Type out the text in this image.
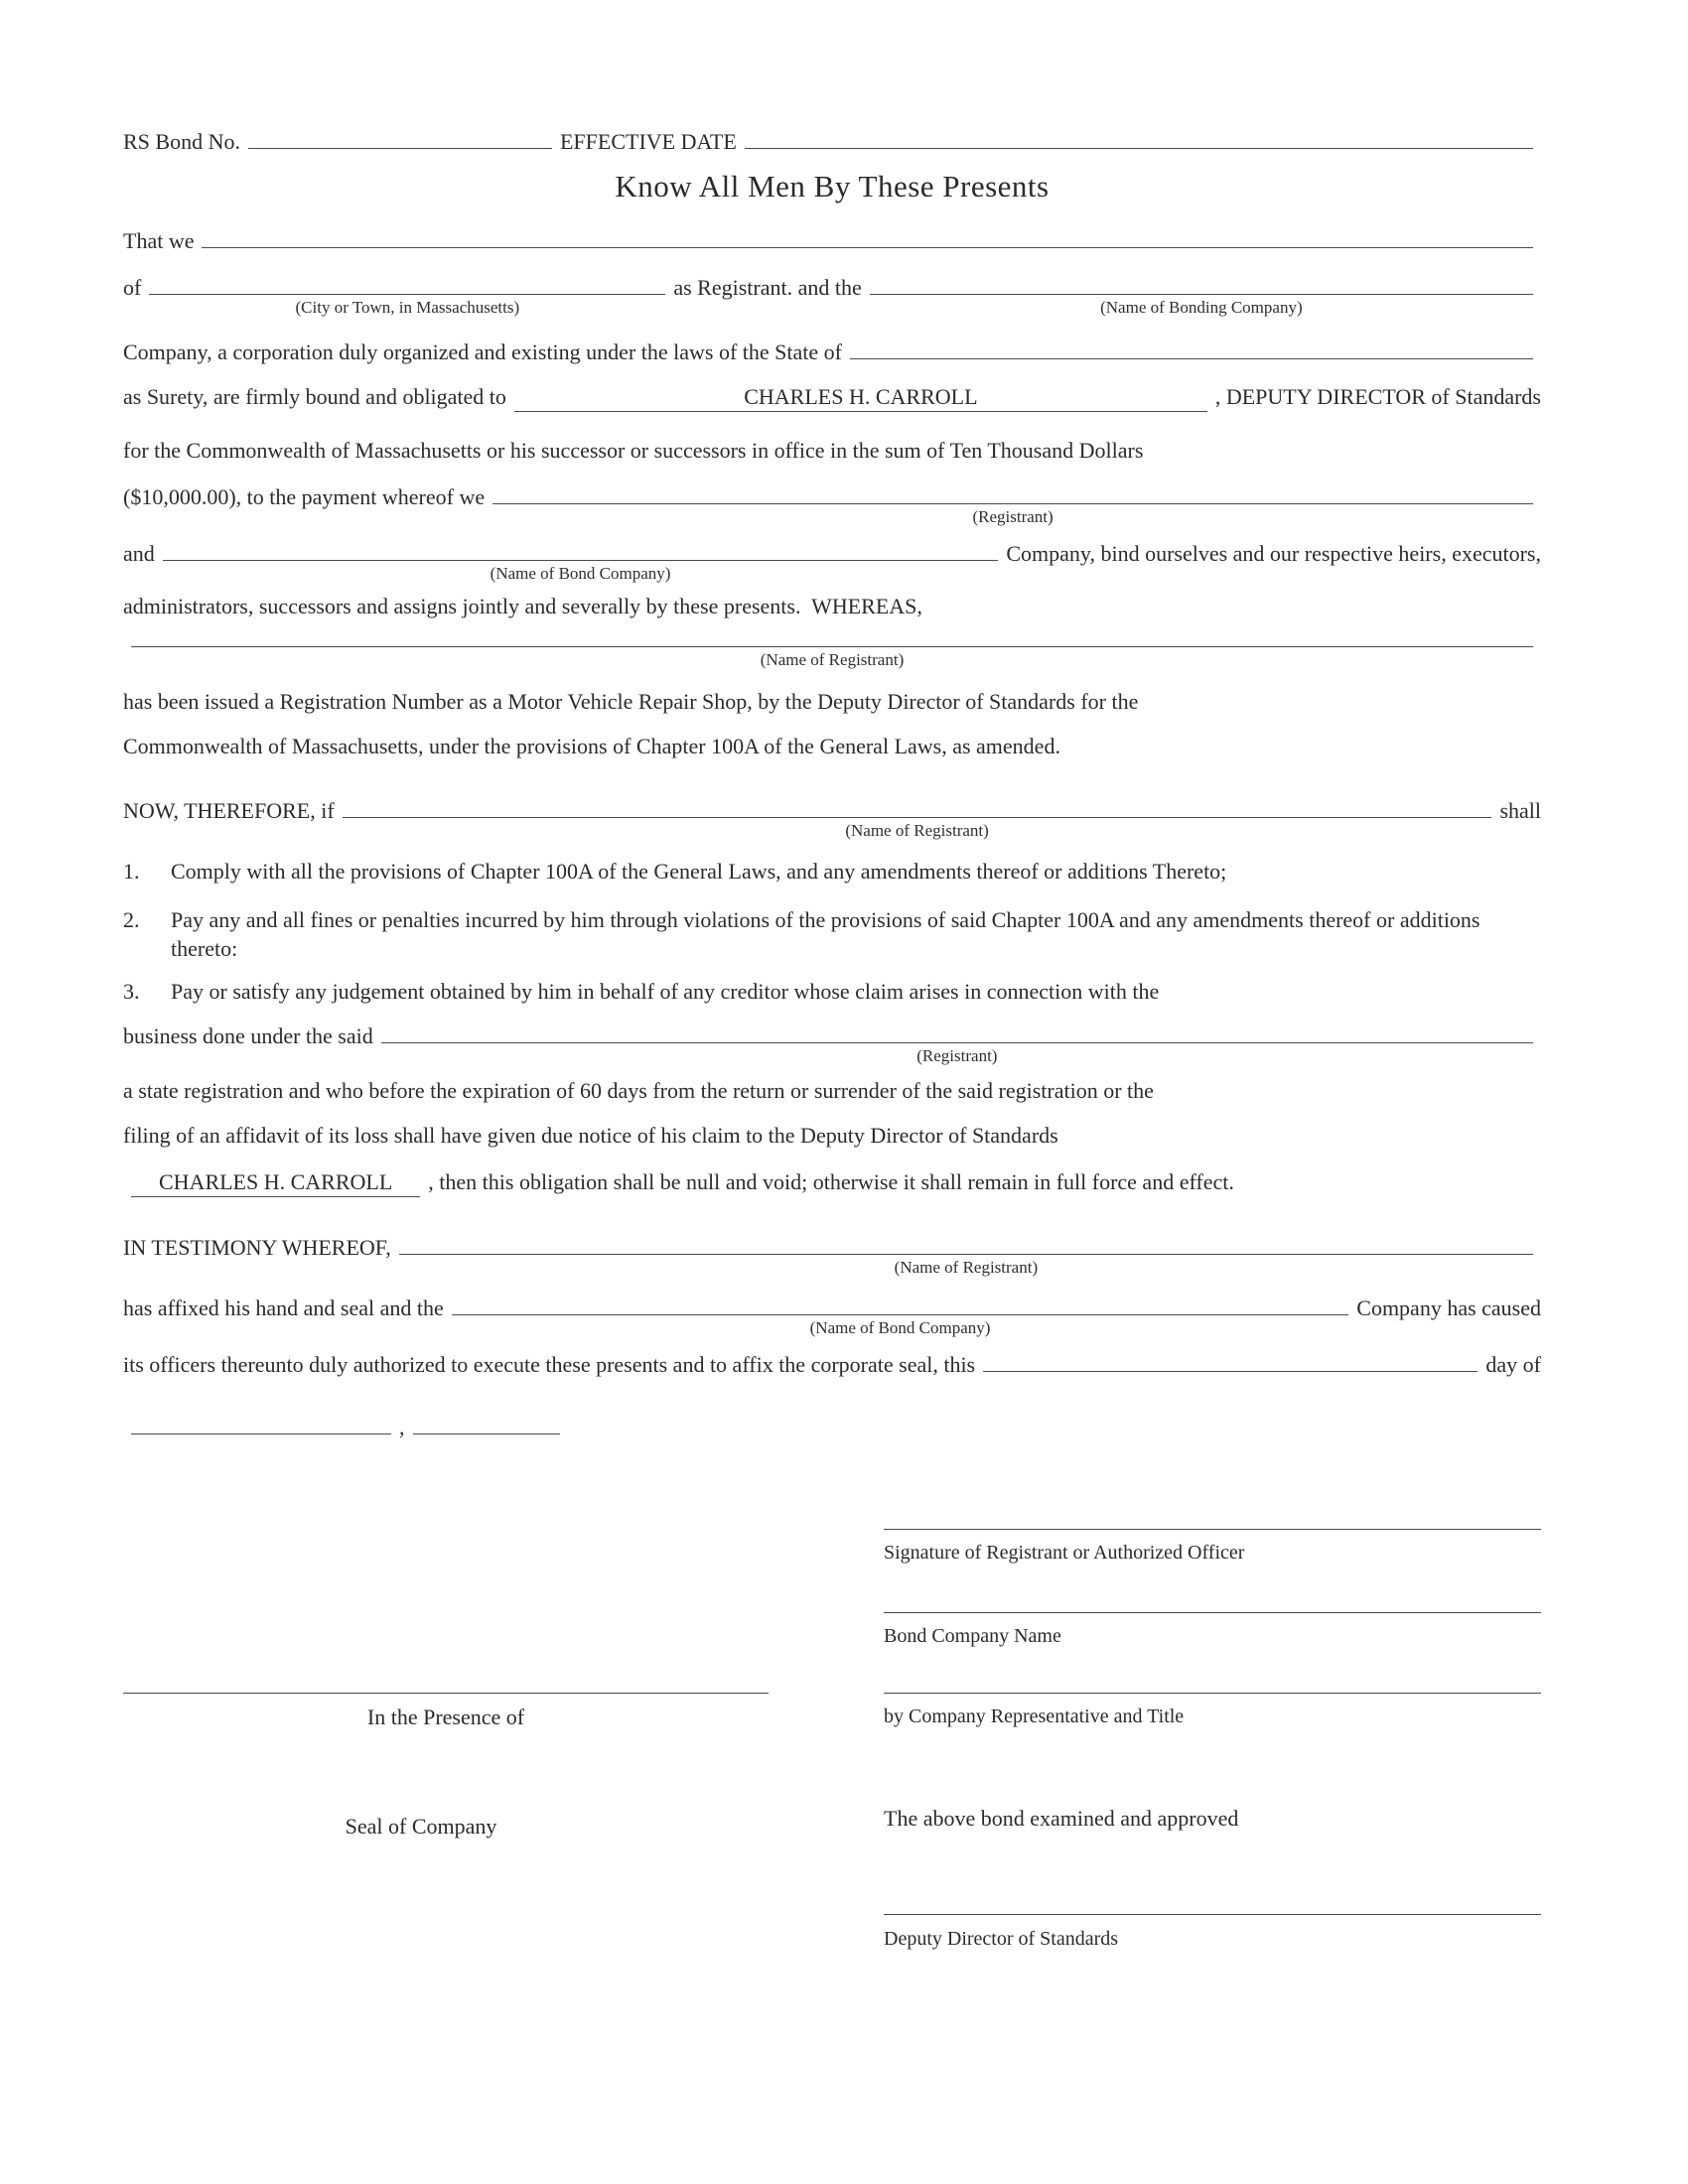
RS Bond No.	EFFECTIVE DATE
Know All Men By These Presents
That we
of
(City or Town, in Massachusetts)
as Registrant. and the
(Name of Bonding Company)
Company, a corporation duly organized and existing under the laws of the State of
as Surety, are firmly bound and obligated to	CHARLES H. CARROLL	, DEPUTY DIRECTOR of Standards
for the Commonwealth of Massachusetts or his successor or successors in office in the sum of Ten Thousand Dollars
($10,000.00), to the payment whereof we
(Registrant)
and
(Name of Bond Company)
Company, bind ourselves and our respective heirs, executors,
administrators, successors and assigns jointly and severally by these presents.  WHEREAS,
(Name of Registrant)
has been issued a Registration Number as a Motor Vehicle Repair Shop, by the Deputy Director of Standards for the
Commonwealth of Massachusetts, under the provisions of Chapter 100A of the General Laws, as amended.
NOW, THEREFORE, if
(Name of Registrant)
shall
1.	Comply with all the provisions of Chapter 100A of the General Laws, and any amendments thereof or additions Thereto;
2.	Pay any and all fines or penalties incurred by him through violations of the provisions of said Chapter 100A and any amendments thereof or additions thereto:
3.	Pay or satisfy any judgement obtained by him in behalf of any creditor whose claim arises in connection with the
business done under the said
(Registrant)
a state registration and who before the expiration of 60 days from the return or surrender of the said registration or the
filing of an affidavit of its loss shall have given due notice of his claim to the Deputy Director of Standards
CHARLES H. CARROLL	, then this obligation shall be null and void; otherwise it shall remain in full force and effect.
IN TESTIMONY WHEREOF,
(Name of Registrant)
has affixed his hand and seal and the
(Name of Bond Company)
Company has caused
its officers thereunto duly authorized to execute these presents and to affix the corporate seal, this	day of
,
In the Presence of
Seal of Company
Signature of Registrant or Authorized Officer
Bond Company Name
by Company Representative and Title
The above bond examined and approved
Deputy Director of Standards
